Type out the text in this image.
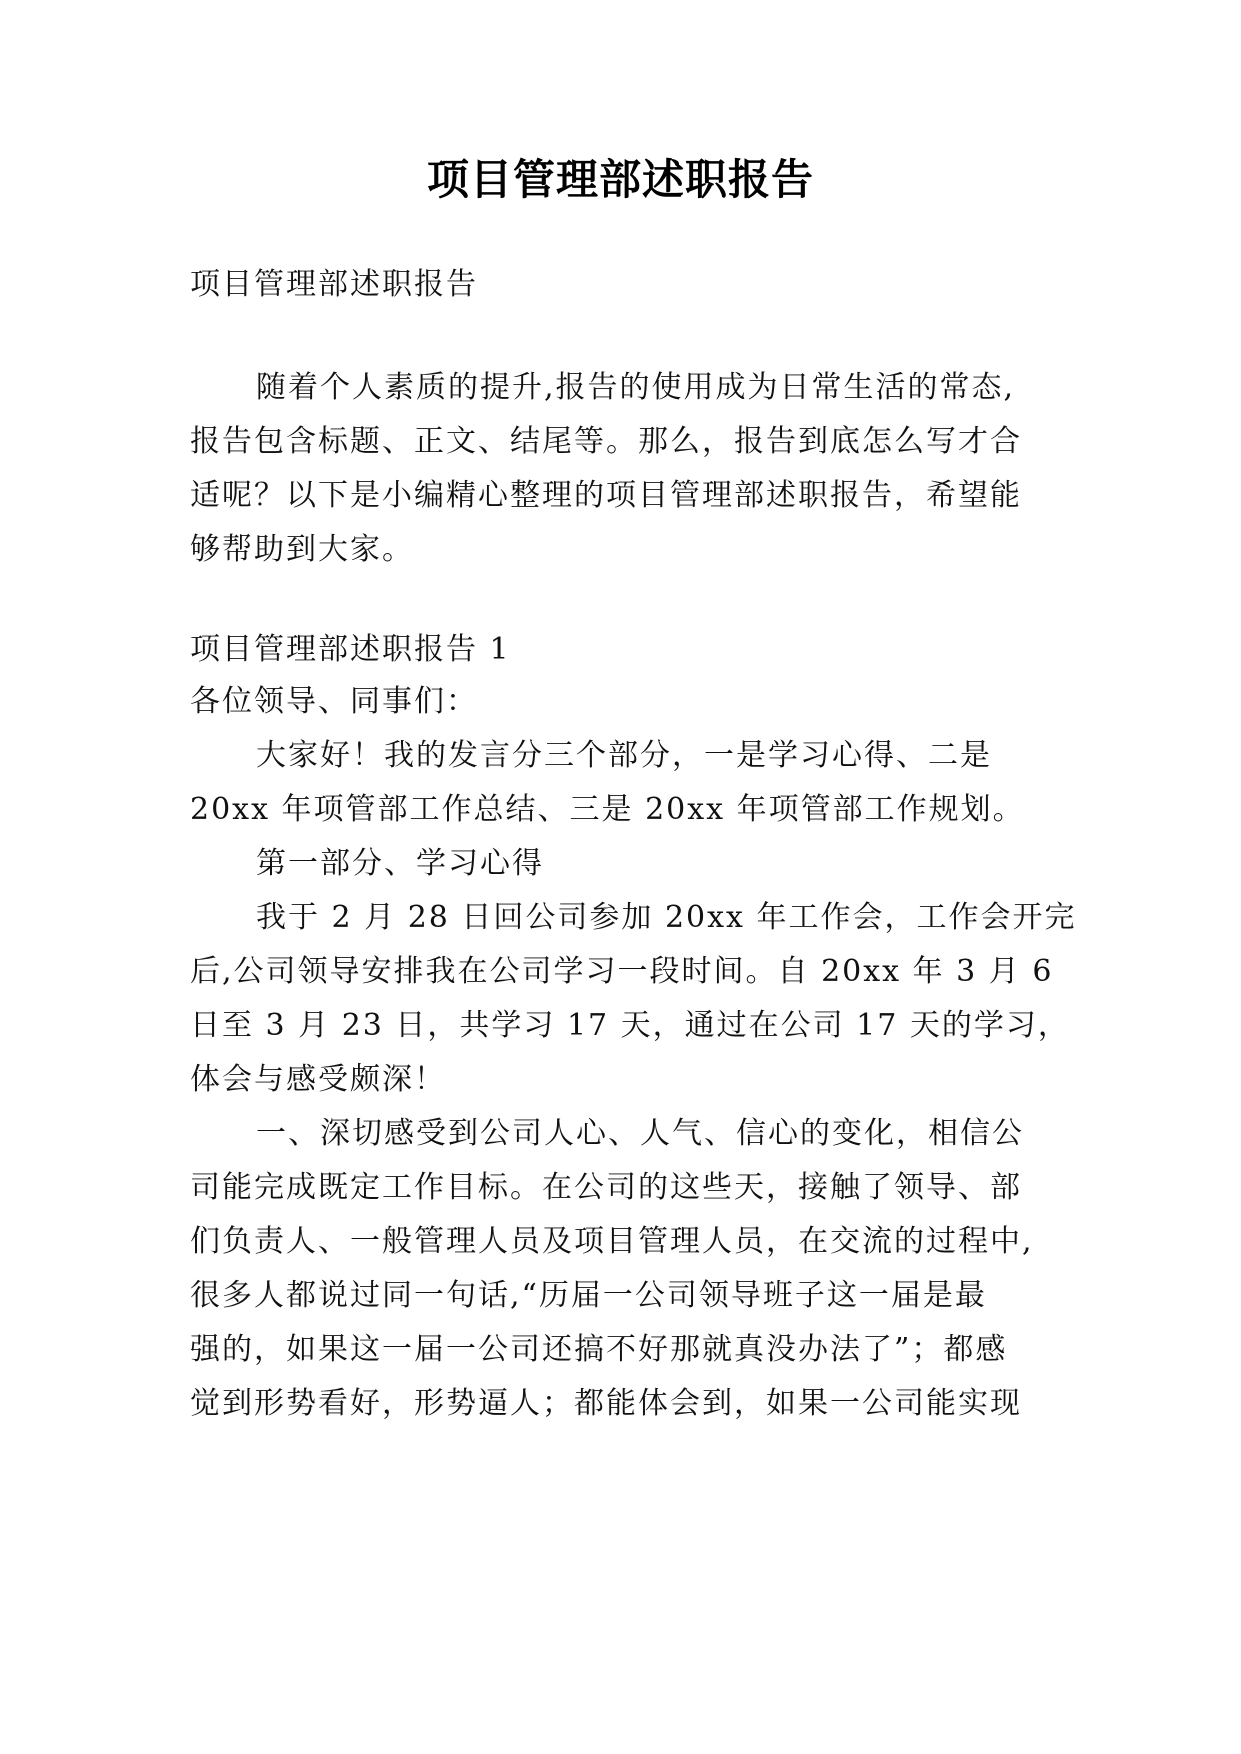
项目管理部述职报告
项目管理部述职报告
随着个人素质的提升,报告的使用成为日常生活的常态,
报告包含标题、正文、结尾等。那么，报告到底怎么写才合
适呢？以下是小编精心整理的项目管理部述职报告，希望能
够帮助到大家。
项目管理部述职报告 1
各位领导、同事们：
大家好！我的发言分三个部分，一是学习心得、二是
20xx 年项管部工作总结、三是 20xx 年项管部工作规划。
第一部分、学习心得
我于 2 月 28 日回公司参加 20xx 年工作会，工作会开完
后,公司领导安排我在公司学习一段时间。自 20xx 年 3 月 6
日至 3 月 23 日，共学习 17 天，通过在公司 17 天的学习，
体会与感受颇深！
一、深切感受到公司人心、人气、信心的变化，相信公
司能完成既定工作目标。在公司的这些天，接触了领导、部
们负责人、一般管理人员及项目管理人员，在交流的过程中,
很多人都说过同一句话,“历届一公司领导班子这一届是最
强的，如果这一届一公司还搞不好那就真没办法了”；都感
觉到形势看好，形势逼人；都能体会到，如果一公司能实现
